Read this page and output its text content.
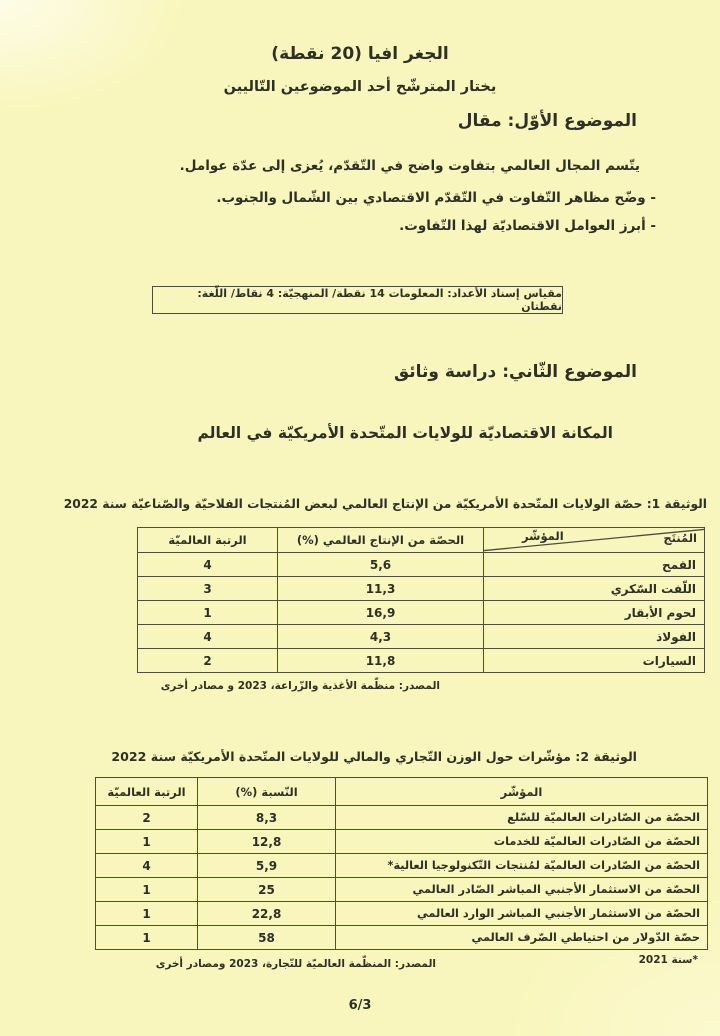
الجغر افيا (20 نقطة)
يختار المترشّح أحد الموضوعين التّاليين
الموضوع الأوّل: مقال
يتّسم المجال العالمي بتفاوت واضح في التّقدّم، يُعزى إلى عدّة عوامل.
- وضّح مظاهر التّفاوت في التّقدّم الاقتصادي بين الشّمال والجنوب.
- أبرز العوامل الاقتصاديّة لهذا التّفاوت.
مقياس إسناد الأعداد: المعلومات 14 نقطة/ المنهجيّة: 4 نقاط/ اللّغة: نقطتان
الموضوع الثّاني: دراسة وثائق
المكانة الاقتصاديّة للولايات المتّحدة الأمريكيّة في العالم
الوثيقة 1: حصّة الولايات المتّحدة الأمريكيّة من الإنتاج العالمي لبعض المُنتجات الفلاحيّة والصّناعيّة سنة 2022
المُنتَج
المؤشّر	الحصّة من الإنتاج العالمي (%)	الرتبة العالميّة
القمح	5,6	4
اللّفت السّكري	11,3	3
لحوم الأبقار	16,9	1
الفولاذ	4,3	4
السيارات	11,8	2
المصدر: منظّمة الأغذية والزّراعة، 2023 و مصادر أخرى
الوثيقة 2: مؤشّرات حول الوزن التّجاري والمالي للولايات المتّحدة الأمريكيّة سنة 2022
المؤشّر	النّسبة (%)	الرتبة العالميّة
الحصّة من الصّادرات العالميّة للسّلع	8,3	2
الحصّة من الصّادرات العالميّة للخدمات	12,8	1
الحصّة من الصّادرات العالميّة لمُنتجات التّكنولوجيا العالية*	5,9	4
الحصّة من الاستثمار الأجنبي المباشر الصّادر العالمي	25	1
الحصّة من الاستثمار الأجنبي المباشر الوارد العالمي	22,8	1
حصّة الدّولار من احتياطي الصّرف العالمي	58	1
*سنة 2021
المصدر: المنظّمة العالميّة للتّجارة، 2023 ومصادر أخرى
6/3
